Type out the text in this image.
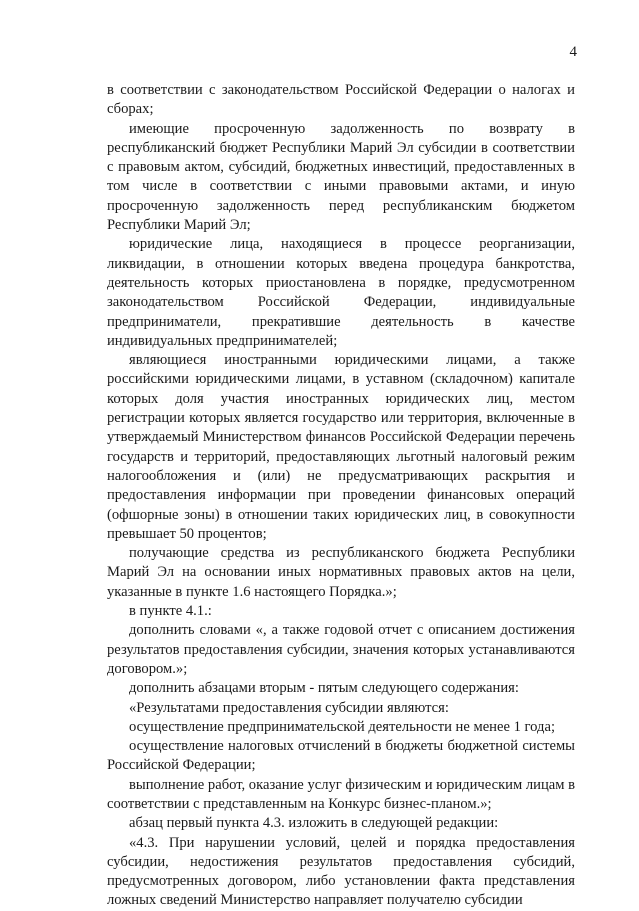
4

в соответствии с законодательством Российской Федерации о налогах и сборах;

имеющие просроченную задолженность по возврату в республиканский бюджет Республики Марий Эл субсидии в соответствии с правовым актом, субсидий, бюджетных инвестиций, предоставленных в том числе в соответствии с иными правовыми актами, и иную просроченную задолженность перед республиканским бюджетом Республики Марий Эл;

юридические лица, находящиеся в процессе реорганизации, ликвидации, в отношении которых введена процедура банкротства, деятельность которых приостановлена в порядке, предусмотренном законодательством Российской Федерации, индивидуальные предприниматели, прекратившие деятельность в качестве индивидуальных предпринимателей;

являющиеся иностранными юридическими лицами, а также российскими юридическими лицами, в уставном (складочном) капитале которых доля участия иностранных юридических лиц, местом регистрации которых является государство или территория, включенные в утверждаемый Министерством финансов Российской Федерации перечень государств и территорий, предоставляющих льготный налоговый режим налогообложения и (или) не предусматривающих раскрытия и предоставления информации при проведении финансовых операций (офшорные зоны) в отношении таких юридических лиц, в совокупности превышает 50 процентов;

получающие средства из республиканского бюджета Республики Марий Эл на основании иных нормативных правовых актов на цели, указанные в пункте 1.6 настоящего Порядка.»;

в пункте 4.1.:

дополнить словами «, а также годовой отчет с описанием достижения результатов предоставления субсидии, значения которых устанавливаются договором.»;

дополнить абзацами вторым - пятым следующего содержания:

«Результатами предоставления субсидии являются:

осуществление предпринимательской деятельности не менее 1 года;

осуществление налоговых отчислений в бюджеты бюджетной системы Российской Федерации;

выполнение работ, оказание услуг физическим и юридическим лицам в соответствии с представленным на Конкурс бизнес-планом.»;

абзац первый пункта 4.3. изложить в следующей редакции:

«4.3. При нарушении условий, целей и порядка предоставления субсидии, недостижения результатов предоставления субсидий, предусмотренных договором, либо установлении факта представления ложных сведений Министерство направляет получателю субсидии
